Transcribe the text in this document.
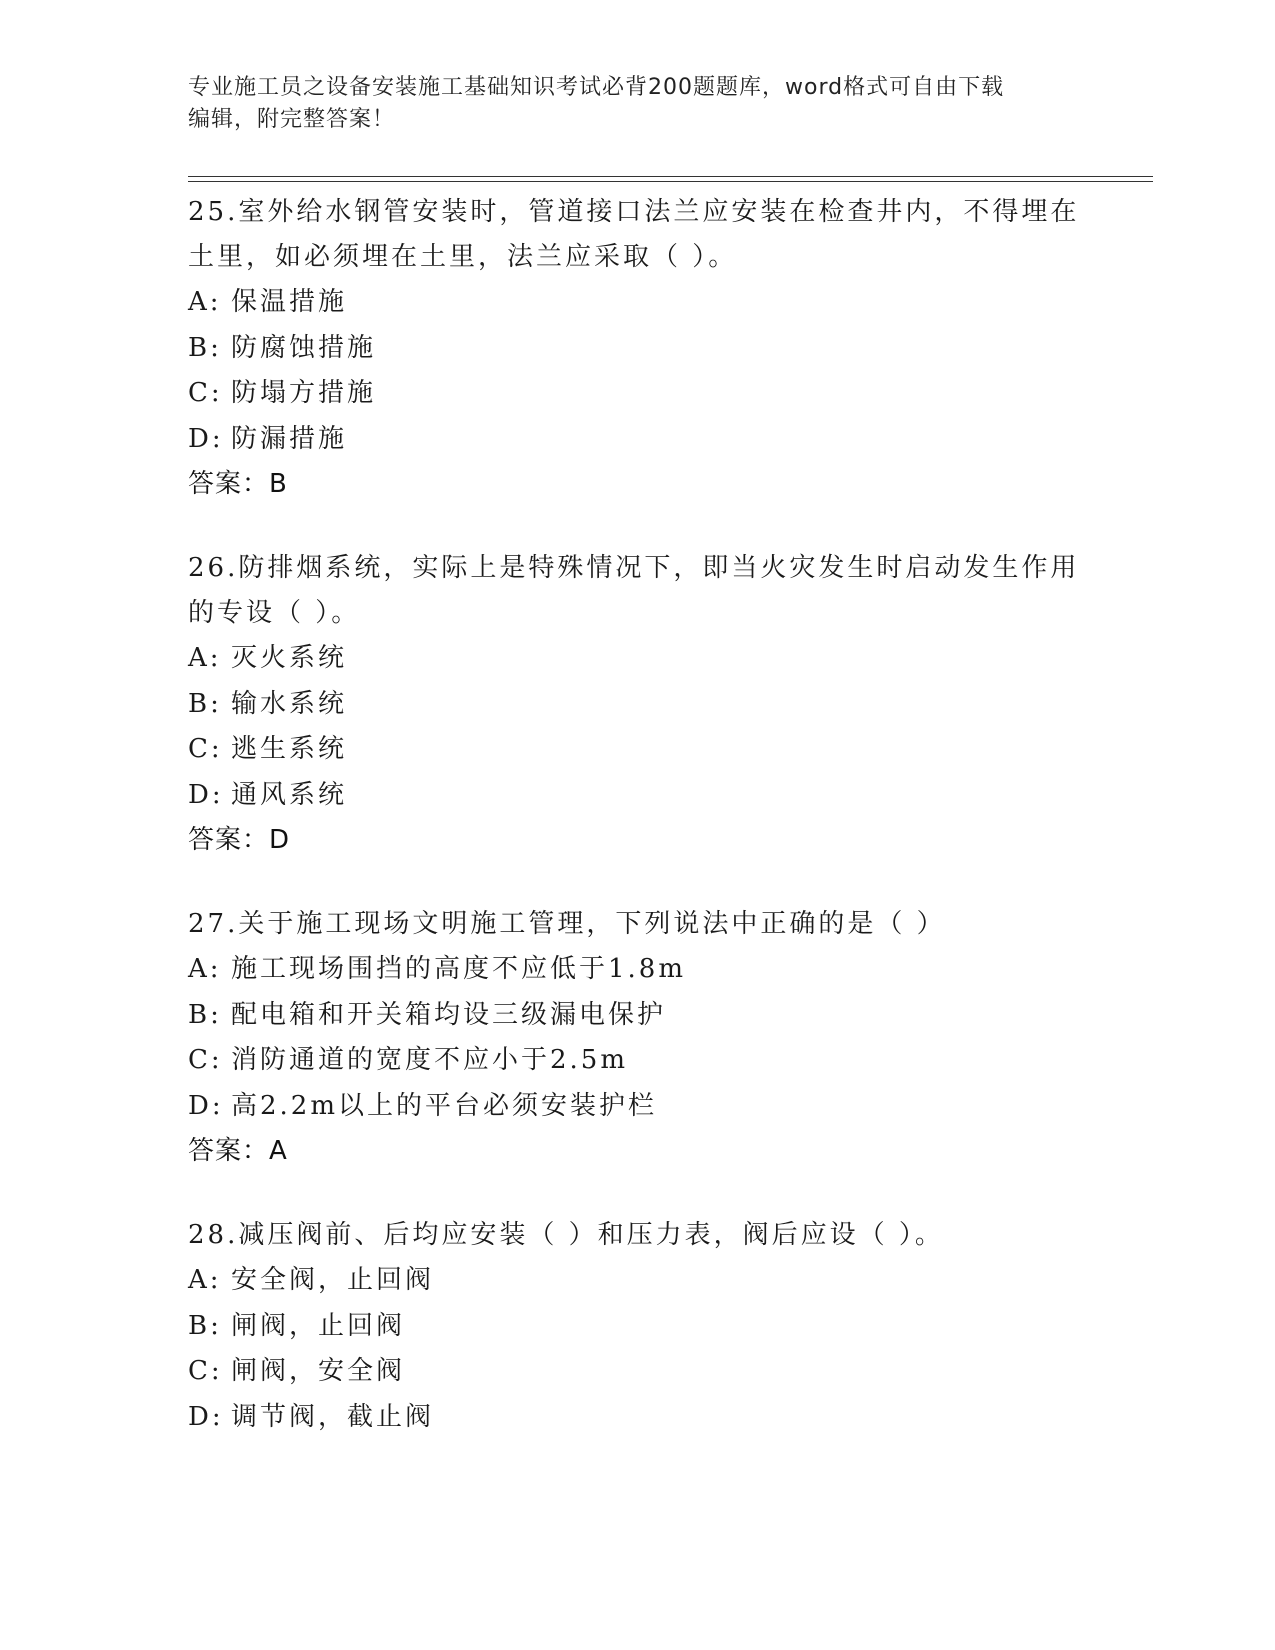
专业施工员之设备安装施工基础知识考试必背200题题库，word格式可自由下载
编辑，附完整答案！
25.室外给水钢管安装时，管道接口法兰应安装在检查井内，不得埋在
土里，如必须埋在土里，法兰应采取（ ）。
A: 保温措施
B: 防腐蚀措施
C: 防塌方措施
D: 防漏措施
答案：B
26.防排烟系统，实际上是特殊情况下，即当火灾发生时启动发生作用
的专设（ ）。
A: 灭火系统
B: 输水系统
C: 逃生系统
D: 通风系统
答案：D
27.关于施工现场文明施工管理，下列说法中正确的是（ ）
A: 施工现场围挡的高度不应低于1.8m
B: 配电箱和开关箱均设三级漏电保护
C: 消防通道的宽度不应小于2.5m
D: 高2.2m以上的平台必须安装护栏
答案：A
28.减压阀前、后均应安装（ ）和压力表，阀后应设（ ）。
A: 安全阀，止回阀
B: 闸阀，止回阀
C: 闸阀，安全阀
D: 调节阀，截止阀
